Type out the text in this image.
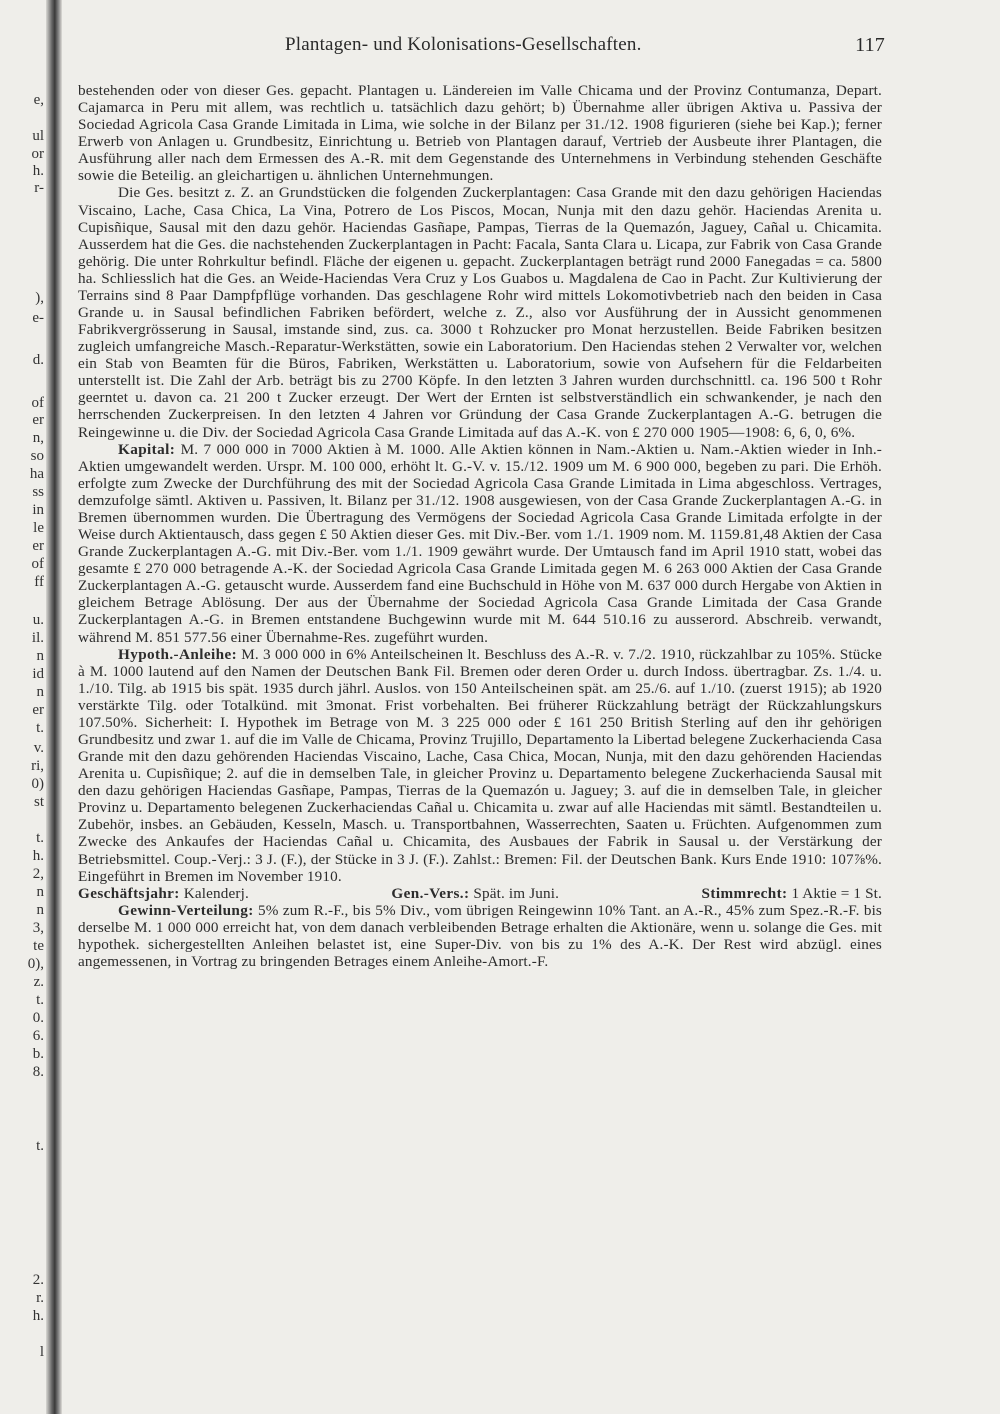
e,
ul
or
h.
r-
),
e-
d.
of
er
n,
so
ha
ss
in
le
er
of
ff
u.
il.
n
id
n
er
t.
v.
ri,
0)
st
t.
h.
2,
n
n
3,
te
0),
z.
t.
0.
6.
b.
8.
t.
2.
r.
h.
l
Plantagen- und Kolonisations-Gesellschaften.	117

bestehenden oder von dieser Ges. gepacht. Plantagen u. Ländereien im Valle Chicama und der Provinz Contumanza, Depart. Cajamarca in Peru mit allem, was rechtlich u. tatsächlich dazu gehört; b) Übernahme aller übrigen Aktiva u. Passiva der Sociedad Agricola Casa Grande Limitada in Lima, wie solche in der Bilanz per 31./12. 1908 figurieren (siehe bei Kap.); ferner Erwerb von Anlagen u. Grundbesitz, Einrichtung u. Betrieb von Plantagen darauf, Vertrieb der Ausbeute ihrer Plantagen, die Ausführung aller nach dem Ermessen des A.-R. mit dem Gegenstande des Unternehmens in Verbindung stehenden Geschäfte sowie die Beteilig. an gleichartigen u. ähnlichen Unternehmungen.

Die Ges. besitzt z. Z. an Grundstücken die folgenden Zuckerplantagen: Casa Grande mit den dazu gehörigen Haciendas Viscaino, Lache, Casa Chica, La Vina, Potrero de Los Piscos, Mocan, Nunja mit den dazu gehör. Haciendas Arenita u. Cupisñique, Sausal mit den dazu gehör. Haciendas Gasñape, Pampas, Tierras de la Quemazón, Jaguey, Cañal u. Chicamita. Ausserdem hat die Ges. die nachstehenden Zuckerplantagen in Pacht: Facala, Santa Clara u. Licapa, zur Fabrik von Casa Grande gehörig. Die unter Rohrkultur befindl. Fläche der eigenen u. gepacht. Zuckerplantagen beträgt rund 2000 Fanegadas = ca. 5800 ha. Schliesslich hat die Ges. an Weide-Haciendas Vera Cruz y Los Guabos u. Magdalena de Cao in Pacht. Zur Kultivierung der Terrains sind 8 Paar Dampfpflüge vorhanden. Das geschlagene Rohr wird mittels Lokomotivbetrieb nach den beiden in Casa Grande u. in Sausal befindlichen Fabriken befördert, welche z. Z., also vor Ausführung der in Aussicht genommenen Fabrikvergrösserung in Sausal, imstande sind, zus. ca. 3000 t Rohzucker pro Monat herzustellen. Beide Fabriken besitzen zugleich umfangreiche Masch.-Reparatur-Werkstätten, sowie ein Laboratorium. Den Haciendas stehen 2 Verwalter vor, welchen ein Stab von Beamten für die Büros, Fabriken, Werkstätten u. Laboratorium, sowie von Aufsehern für die Feldarbeiten unterstellt ist. Die Zahl der Arb. beträgt bis zu 2700 Köpfe. In den letzten 3 Jahren wurden durchschnittl. ca. 196 500 t Rohr geerntet u. davon ca. 21 200 t Zucker erzeugt. Der Wert der Ernten ist selbstverständlich ein schwankender, je nach den herrschenden Zuckerpreisen. In den letzten 4 Jahren vor Gründung der Casa Grande Zuckerplantagen A.-G. betrugen die Reingewinne u. die Div. der Sociedad Agricola Casa Grande Limitada auf das A.-K. von £ 270 000 1905—1908: 6, 6, 0, 6%.

Kapital: M. 7 000 000 in 7000 Aktien à M. 1000. Alle Aktien können in Nam.-Aktien u. Nam.-Aktien wieder in Inh.-Aktien umgewandelt werden. Urspr. M. 100 000, erhöht lt. G.-V. v. 15./12. 1909 um M. 6 900 000, begeben zu pari. Die Erhöh. erfolgte zum Zwecke der Durchführung des mit der Sociedad Agricola Casa Grande Limitada in Lima abgeschloss. Vertrages, demzufolge sämtl. Aktiven u. Passiven, lt. Bilanz per 31./12. 1908 ausgewiesen, von der Casa Grande Zuckerplantagen A.-G. in Bremen übernommen wurden. Die Übertragung des Vermögens der Sociedad Agricola Casa Grande Limitada erfolgte in der Weise durch Aktientausch, dass gegen £ 50 Aktien dieser Ges. mit Div.-Ber. vom 1./1. 1909 nom. M. 1159.81,48 Aktien der Casa Grande Zuckerplantagen A.-G. mit Div.-Ber. vom 1./1. 1909 gewährt wurde. Der Umtausch fand im April 1910 statt, wobei das gesamte £ 270 000 betragende A.-K. der Sociedad Agricola Casa Grande Limitada gegen M. 6 263 000 Aktien der Casa Grande Zuckerplantagen A.-G. getauscht wurde. Ausserdem fand eine Buchschuld in Höhe von M. 637 000 durch Hergabe von Aktien in gleichem Betrage Ablösung. Der aus der Übernahme der Sociedad Agricola Casa Grande Limitada der Casa Grande Zuckerplantagen A.-G. in Bremen entstandene Buchgewinn wurde mit M. 644 510.16 zu ausserord. Abschreib. verwandt, während M. 851 577.56 einer Übernahme-Res. zugeführt wurden.

Hypoth.-Anleihe: M. 3 000 000 in 6% Anteilscheinen lt. Beschluss des A.-R. v. 7./2. 1910, rückzahlbar zu 105%. Stücke à M. 1000 lautend auf den Namen der Deutschen Bank Fil. Bremen oder deren Order u. durch Indoss. übertragbar. Zs. 1./4. u. 1./10. Tilg. ab 1915 bis spät. 1935 durch jährl. Auslos. von 150 Anteilscheinen spät. am 25./6. auf 1./10. (zuerst 1915); ab 1920 verstärkte Tilg. oder Totalkünd. mit 3monat. Frist vorbehalten. Bei früherer Rückzahlung beträgt der Rückzahlungskurs 107.50%. Sicherheit: I. Hypothek im Betrage von M. 3 225 000 oder £ 161 250 British Sterling auf den ihr gehörigen Grundbesitz und zwar 1. auf die im Valle de Chicama, Provinz Trujillo, Departamento la Libertad belegene Zuckerhacienda Casa Grande mit den dazu gehörenden Haciendas Viscaino, Lache, Casa Chica, Mocan, Nunja, mit den dazu gehörenden Haciendas Arenita u. Cupisñique; 2. auf die in demselben Tale, in gleicher Provinz u. Departamento belegene Zuckerhacienda Sausal mit den dazu gehörigen Haciendas Gasñape, Pampas, Tierras de la Quemazón u. Jaguey; 3. auf die in demselben Tale, in gleicher Provinz u. Departamento belegenen Zuckerhaciendas Cañal u. Chicamita u. zwar auf alle Haciendas mit sämtl. Bestandteilen u. Zubehör, insbes. an Gebäuden, Kesseln, Masch. u. Transportbahnen, Wasserrechten, Saaten u. Früchten. Aufgenommen zum Zwecke des Ankaufes der Haciendas Cañal u. Chicamita, des Ausbaues der Fabrik in Sausal u. der Verstärkung der Betriebsmittel. Coup.-Verj.: 3 J. (F.), der Stücke in 3 J. (F.). Zahlst.: Bremen: Fil. der Deutschen Bank. Kurs Ende 1910: 107⅞%. Eingeführt in Bremen im November 1910.

Geschäftsjahr: Kalenderj.	Gen.-Vers.: Spät. im Juni.	Stimmrecht: 1 Aktie = 1 St.

Gewinn-Verteilung: 5% zum R.-F., bis 5% Div., vom übrigen Reingewinn 10% Tant. an A.-R., 45% zum Spez.-R.-F. bis derselbe M. 1 000 000 erreicht hat, von dem danach verbleibenden Betrage erhalten die Aktionäre, wenn u. solange die Ges. mit hypothek. sichergestellten Anleihen belastet ist, eine Super-Div. von bis zu 1% des A.-K. Der Rest wird abzügl. eines angemessenen, in Vortrag zu bringenden Betrages einem Anleihe-Amort.-F.
